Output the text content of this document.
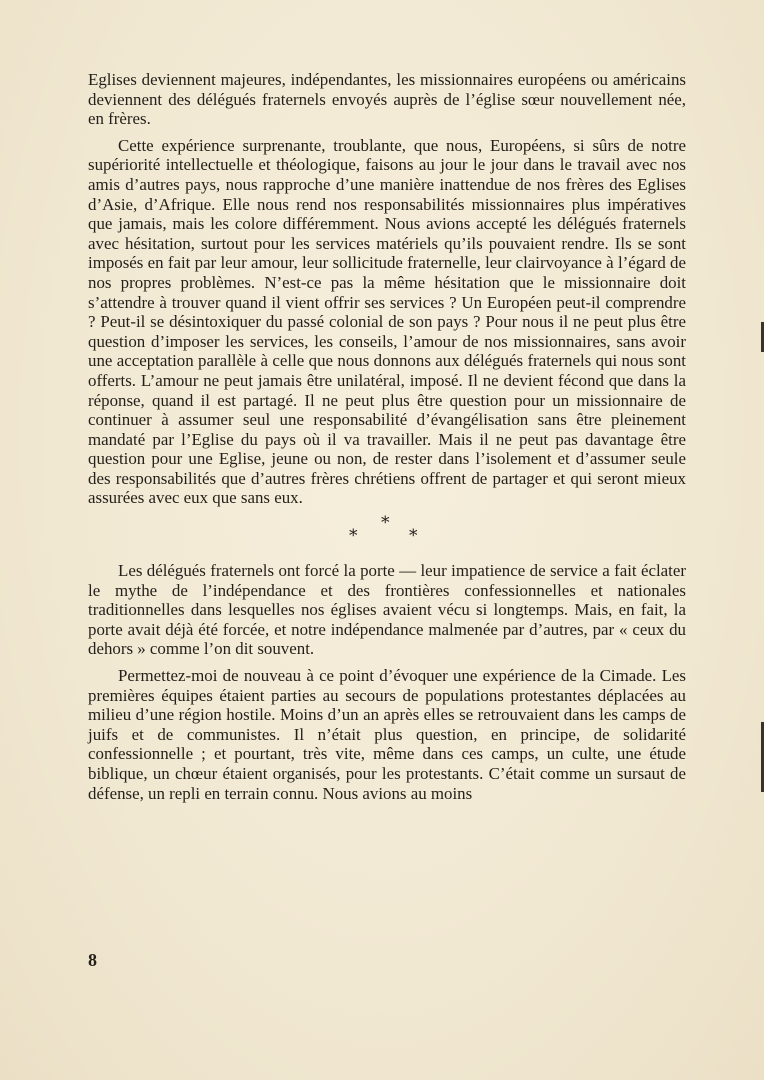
Eglises deviennent majeures, indépendantes, les missionnaires européens ou américains deviennent des délégués fraternels envoyés auprès de l’église sœur nouvellement née, en frères.

Cette expérience surprenante, troublante, que nous, Européens, si sûrs de notre supériorité intellectuelle et théologique, faisons au jour le jour dans le travail avec nos amis d’autres pays, nous rapproche d’une manière inattendue de nos frères des Eglises d’Asie, d’Afrique. Elle nous rend nos responsabilités missionnaires plus impératives que jamais, mais les colore différemment. Nous avions accepté les délégués fraternels avec hésitation, surtout pour les services matériels qu’ils pouvaient rendre. Ils se sont imposés en fait par leur amour, leur sollicitude fraternelle, leur clairvoyance à l’égard de nos propres problèmes. N’est-ce pas la même hésitation que le missionnaire doit s’attendre à trouver quand il vient offrir ses services ? Un Européen peut-il comprendre ? Peut-il se désintoxiquer du passé colonial de son pays ? Pour nous il ne peut plus être question d’imposer les services, les conseils, l’amour de nos missionnaires, sans avoir une acceptation parallèle à celle que nous donnons aux délégués fraternels qui nous sont offerts. L’amour ne peut jamais être unilatéral, imposé. Il ne devient fécond que dans la réponse, quand il est partagé. Il ne peut plus être question pour un missionnaire de continuer à assumer seul une responsabilité d’évangélisation sans être pleinement mandaté par l’Eglise du pays où il va travailler. Mais il ne peut pas davantage être question pour une Eglise, jeune ou non, de rester dans l’isolement et d’assumer seule des responsabilités que d’autres frères chrétiens offrent de partager et qui seront mieux assurées avec eux que sans eux.

*
*	*

Les délégués fraternels ont forcé la porte — leur impatience de service a fait éclater le mythe de l’indépendance et des frontières confessionnelles et nationales traditionnelles dans lesquelles nos églises avaient vécu si longtemps. Mais, en fait, la porte avait déjà été forcée, et notre indépendance malmenée par d’autres, par « ceux du dehors » comme l’on dit souvent.

Permettez-moi de nouveau à ce point d’évoquer une expérience de la Cimade. Les premières équipes étaient parties au secours de populations protestantes déplacées au milieu d’une région hostile. Moins d’un an après elles se retrouvaient dans les camps de juifs et de communistes. Il n’était plus question, en principe, de solidarité confessionnelle ; et pourtant, très vite, même dans ces camps, un culte, une étude biblique, un chœur étaient organisés, pour les protestants. C’était comme un sursaut de défense, un repli en terrain connu. Nous avions au moins

8
